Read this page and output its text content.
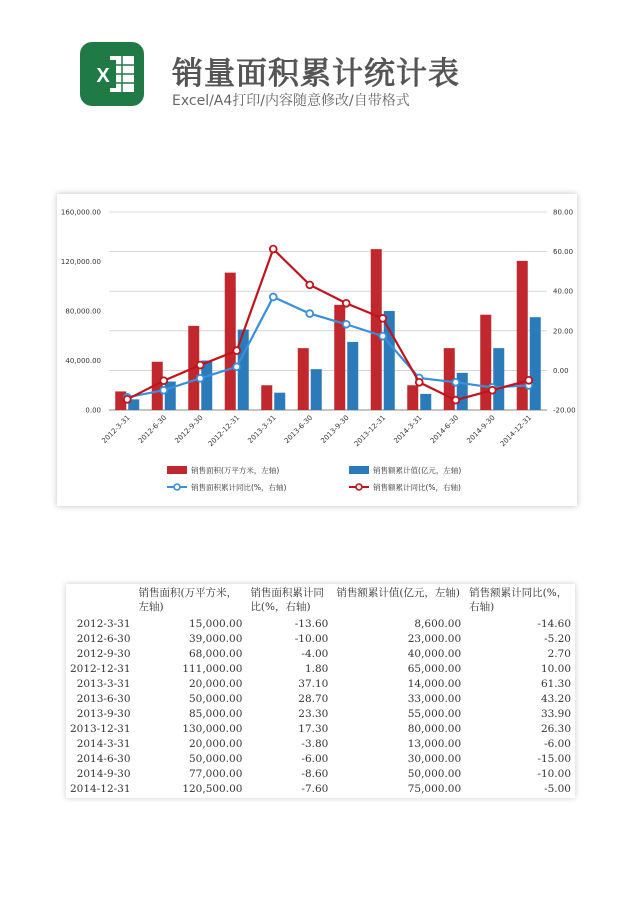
X 销量面积累计统计表
Excel/A4打印/内容随意修改/自带格式
0.00
40,000.00
80,000.00
120,000.00
160,000.00
-20.00
0.00
20.00
40.00
60.00
80.00
2012-3-31 2012-6-30 2012-9-30 2012-12-31 2013-3-31 2013-6-30 2013-9-30 2013-12-31 2014-3-31 2014-6-30 2014-9-30 2014-12-31
销售面积(万平方米，左轴)	销售额累计值(亿元，左轴)
销售面积累计同比(%，右轴)	销售额累计同比(%，右轴)
	销售面积(万平方米，左轴)	销售面积累计同比(%，右轴)	销售额累计值(亿元，左轴)	销售额累计同比(%，右轴)
2012-3-31	15,000.00	-13.60	8,600.00	-14.60
2012-6-30	39,000.00	-10.00	23,000.00	-5.20
2012-9-30	68,000.00	-4.00	40,000.00	2.70
2012-12-31	111,000.00	1.80	65,000.00	10.00
2013-3-31	20,000.00	37.10	14,000.00	61.30
2013-6-30	50,000.00	28.70	33,000.00	43.20
2013-9-30	85,000.00	23.30	55,000.00	33.90
2013-12-31	130,000.00	17.30	80,000.00	26.30
2014-3-31	20,000.00	-3.80	13,000.00	-6.00
2014-6-30	50,000.00	-6.00	30,000.00	-15.00
2014-9-30	77,000.00	-8.60	50,000.00	-10.00
2014-12-31	120,500.00	-7.60	75,000.00	-5.00
